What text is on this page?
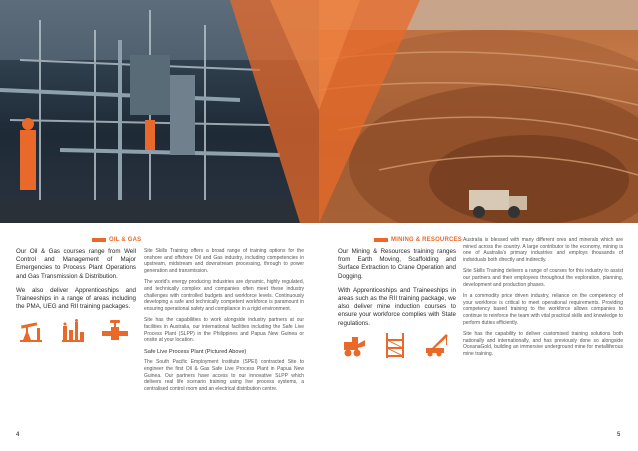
OIL & GAS

Our Oil & Gas courses range from Well Control and Management of Major Emergencies to Process Plant Operations and Gas Transmission & Distribution.

We also deliver Apprenticeships and Traineeships in a range of areas including the PMA, UEG and RII training packages.

Site Skills Training offers a broad range of training options for the onshore and offshore Oil and Gas industry, including competencies in upstream, midstream and downstream processing, through to power generation and transmission.

The world's energy producing industries are dynamic, highly regulated, and technically complex and companies often meet these industry challenges with controlled budgets and workforce levels. Continuously developing a safe and technically competent workforce is paramount in ensuring operational safety and compliance in a rigid environment.

Site has the capabilities to work alongside industry partners at our facilities in Australia, our international facilities including the Safe Live Process Plant (SLPP) in the Philippines and Papua New Guinea or onsite at your location.

Safe Live Process Plant (Pictured Above)

The South Pacific Employment Institute (SPEI) contracted Site to engineer the first Oil & Gas Safe Live Process Plant in Papua New Guinea. Our partners have access to our innovative SLPP which delivers real life scenario training using live process systems, a centralised control room and an electrical distribution centre.

4
MINING & RESOURCES

Our Mining & Resources training ranges from Earth Moving, Scaffolding and Surface Extraction to Crane Operation and Dogging.

With Apprenticeships and Traineeships in areas such as the RII training package, we also deliver mine induction courses to ensure your workforce complies with State regulations.

Australia is blessed with many different ores and minerals which are mined across the country. A large contributor to the economy, mining is one of Australia's primary industries and employs thousands of individuals both directly and indirectly.

Site Skills Training delivers a range of courses for this industry to assist our partners and their employees throughout the exploration, planning, development and production phases.

In a commodity price driven industry, reliance on the competency of your workforce is critical to meet operational requirements. Providing competency based training to the workforce allows companies to continue to reinforce the team with vital practical skills and knowledge to perform duties efficiently.

Site has the capability to deliver customised training solutions both nationally and internationally, and has previously done so alongside OceanaGold, building an immersive underground mine for metalliferous mine training.

5
